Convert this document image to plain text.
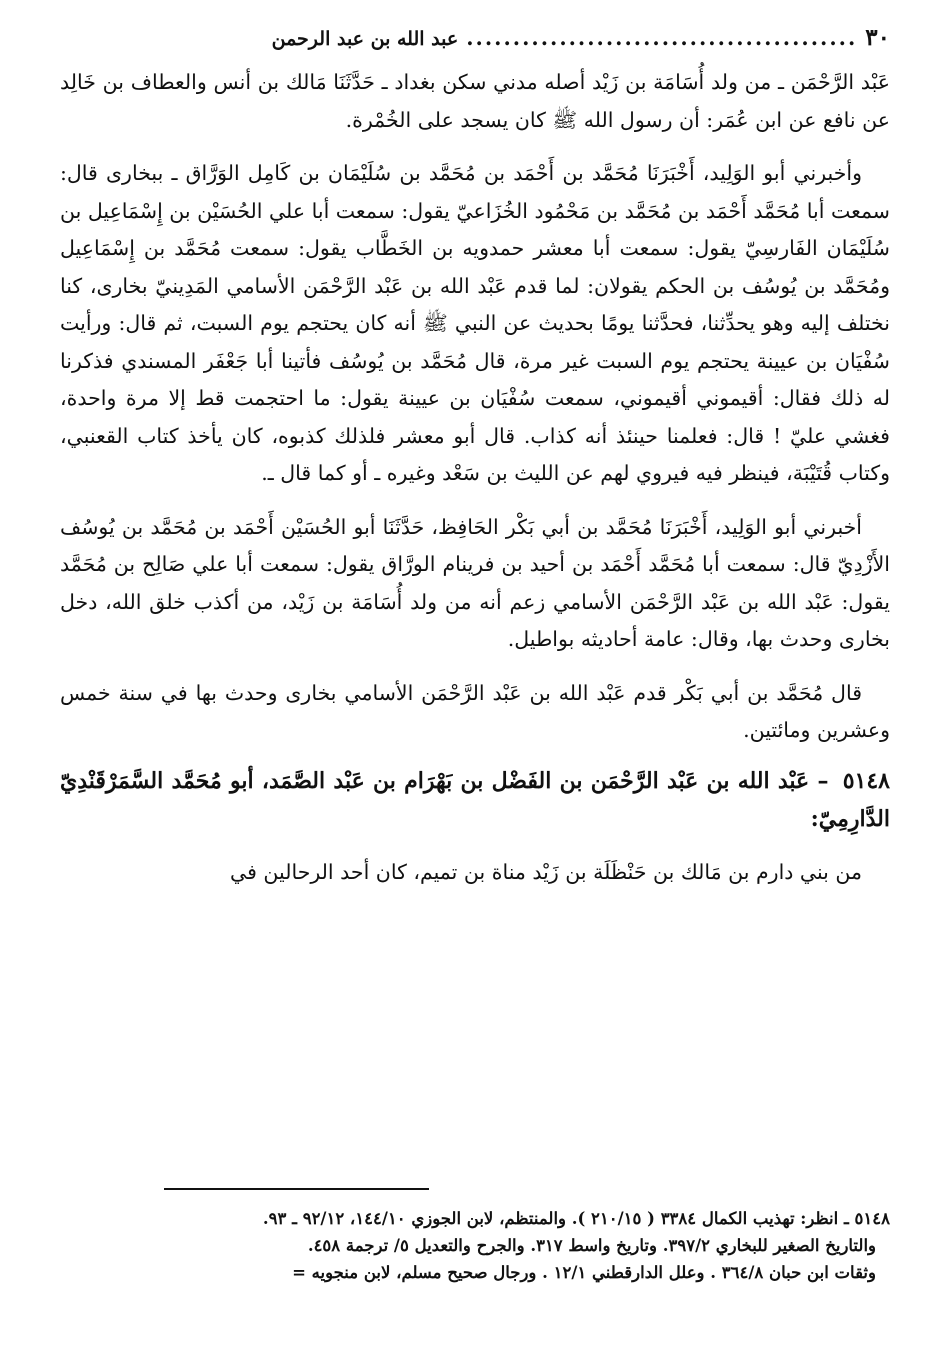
٣٠
..........................................
عبد الله بن عبد الرحمن

عَبْد الرَّحْمَن ـ من ولد أُسَامَة بن زَيْد أصله مدني سكن بغداد ـ حَدَّثَنَا مَالك بن أنس والعطاف بن خَالِد عن نافع عن ابن عُمَر: أن رسول الله ﷺ كان يسجد على الخُمْرة.

وأخبرني أبو الوَلِيد، أَخْبَرَنَا مُحَمَّد بن أَحْمَد بن مُحَمَّد بن سُلَيْمَان بن كَامِل الوَرَّاق ـ ببخارى قال: سمعت أبا مُحَمَّد أَحْمَد بن مُحَمَّد بن مَحْمُود الخُزَاعيّ يقول: سمعت أبا علي الحُسَيْن بن إِسْمَاعِيل بن سُلَيْمَان الفَارسِيّ يقول: سمعت أبا معشر حمدويه بن الخَطَّاب يقول: سمعت مُحَمَّد بن إِسْمَاعِيل ومُحَمَّد بن يُوسُف بن الحكم يقولان: لما قدم عَبْد الله بن عَبْد الرَّحْمَن الأسامي المَدِينيّ بخارى، كنا نختلف إليه وهو يحدِّثنا، فحدَّثنا يومًا بحديث عن النبي ﷺ أنه كان يحتجم يوم السبت، ثم قال: ورأيت سُفْيَان بن عيينة يحتجم يوم السبت غير مرة، قال مُحَمَّد بن يُوسُف فأتينا أبا جَعْفَر المسندي فذكرنا له ذلك فقال: أقيموني أقيموني، سمعت سُفْيَان بن عيينة يقول: ما احتجمت قط إلا مرة واحدة، فغشي عليّ ! قال: فعلمنا حينئذ أنه كذاب. قال أبو معشر فلذلك كذبوه، كان يأخذ كتاب القعنبي، وكتاب قُتَيْبَة، فينظر فيه فيروي لهم عن الليث بن سَعْد وغيره ـ أو كما قال ـ.

أخبرني أبو الوَلِيد، أَخْبَرَنَا مُحَمَّد بن أبي بَكْر الحَافِظ، حَدَّثَنَا أبو الحُسَيْن أَحْمَد بن مُحَمَّد بن يُوسُف الأَزْدِيّ قال: سمعت أبا مُحَمَّد أَحْمَد بن أحيد بن فرينام الورَّاق يقول: سمعت أبا علي صَالِح بن مُحَمَّد يقول: عَبْد الله بن عَبْد الرَّحْمَن الأسامي زعم أنه من ولد أُسَامَة بن زَيْد، من أكذب خلق الله، دخل بخارى وحدث بها، وقال: عامة أحاديثه بواطيل.

قال مُحَمَّد بن أبي بَكْر قدم عَبْد الله بن عَبْد الرَّحْمَن الأسامي بخارى وحدث بها في سنة خمس وعشرين ومائتين.

٥١٤٨ – عَبْد الله بن عَبْد الرَّحْمَن بن الفَضْل بن بَهْرَام بن عَبْد الصَّمَد، أبو مُحَمَّد السَّمَرْقَنْدِيّ الدَّارِمِيّ:

من بني دارم بن مَالك بن حَنْظَلَة بن زَيْد مناة بن تميم، كان أحد الرحالين في

٥١٤٨ ـ انظر: تهذيب الكمال ٣٣٨٤ ( ٢١٠/١٥ ). والمنتظم، لابن الجوزي ١٤٤/١٠، ٩٢/١٢ ـ ٩٣.
والتاريخ الصغير للبخاري ٣٩٧/٢. وتاريخ واسط ٣١٧. والجرح والتعديل ٥/ ترجمة ٤٥٨.
وثقات ابن حبان ٣٦٤/٨ . وعلل الدارقطني ١٢/١ . ورجال صحيح مسلم، لابن منجويه =
